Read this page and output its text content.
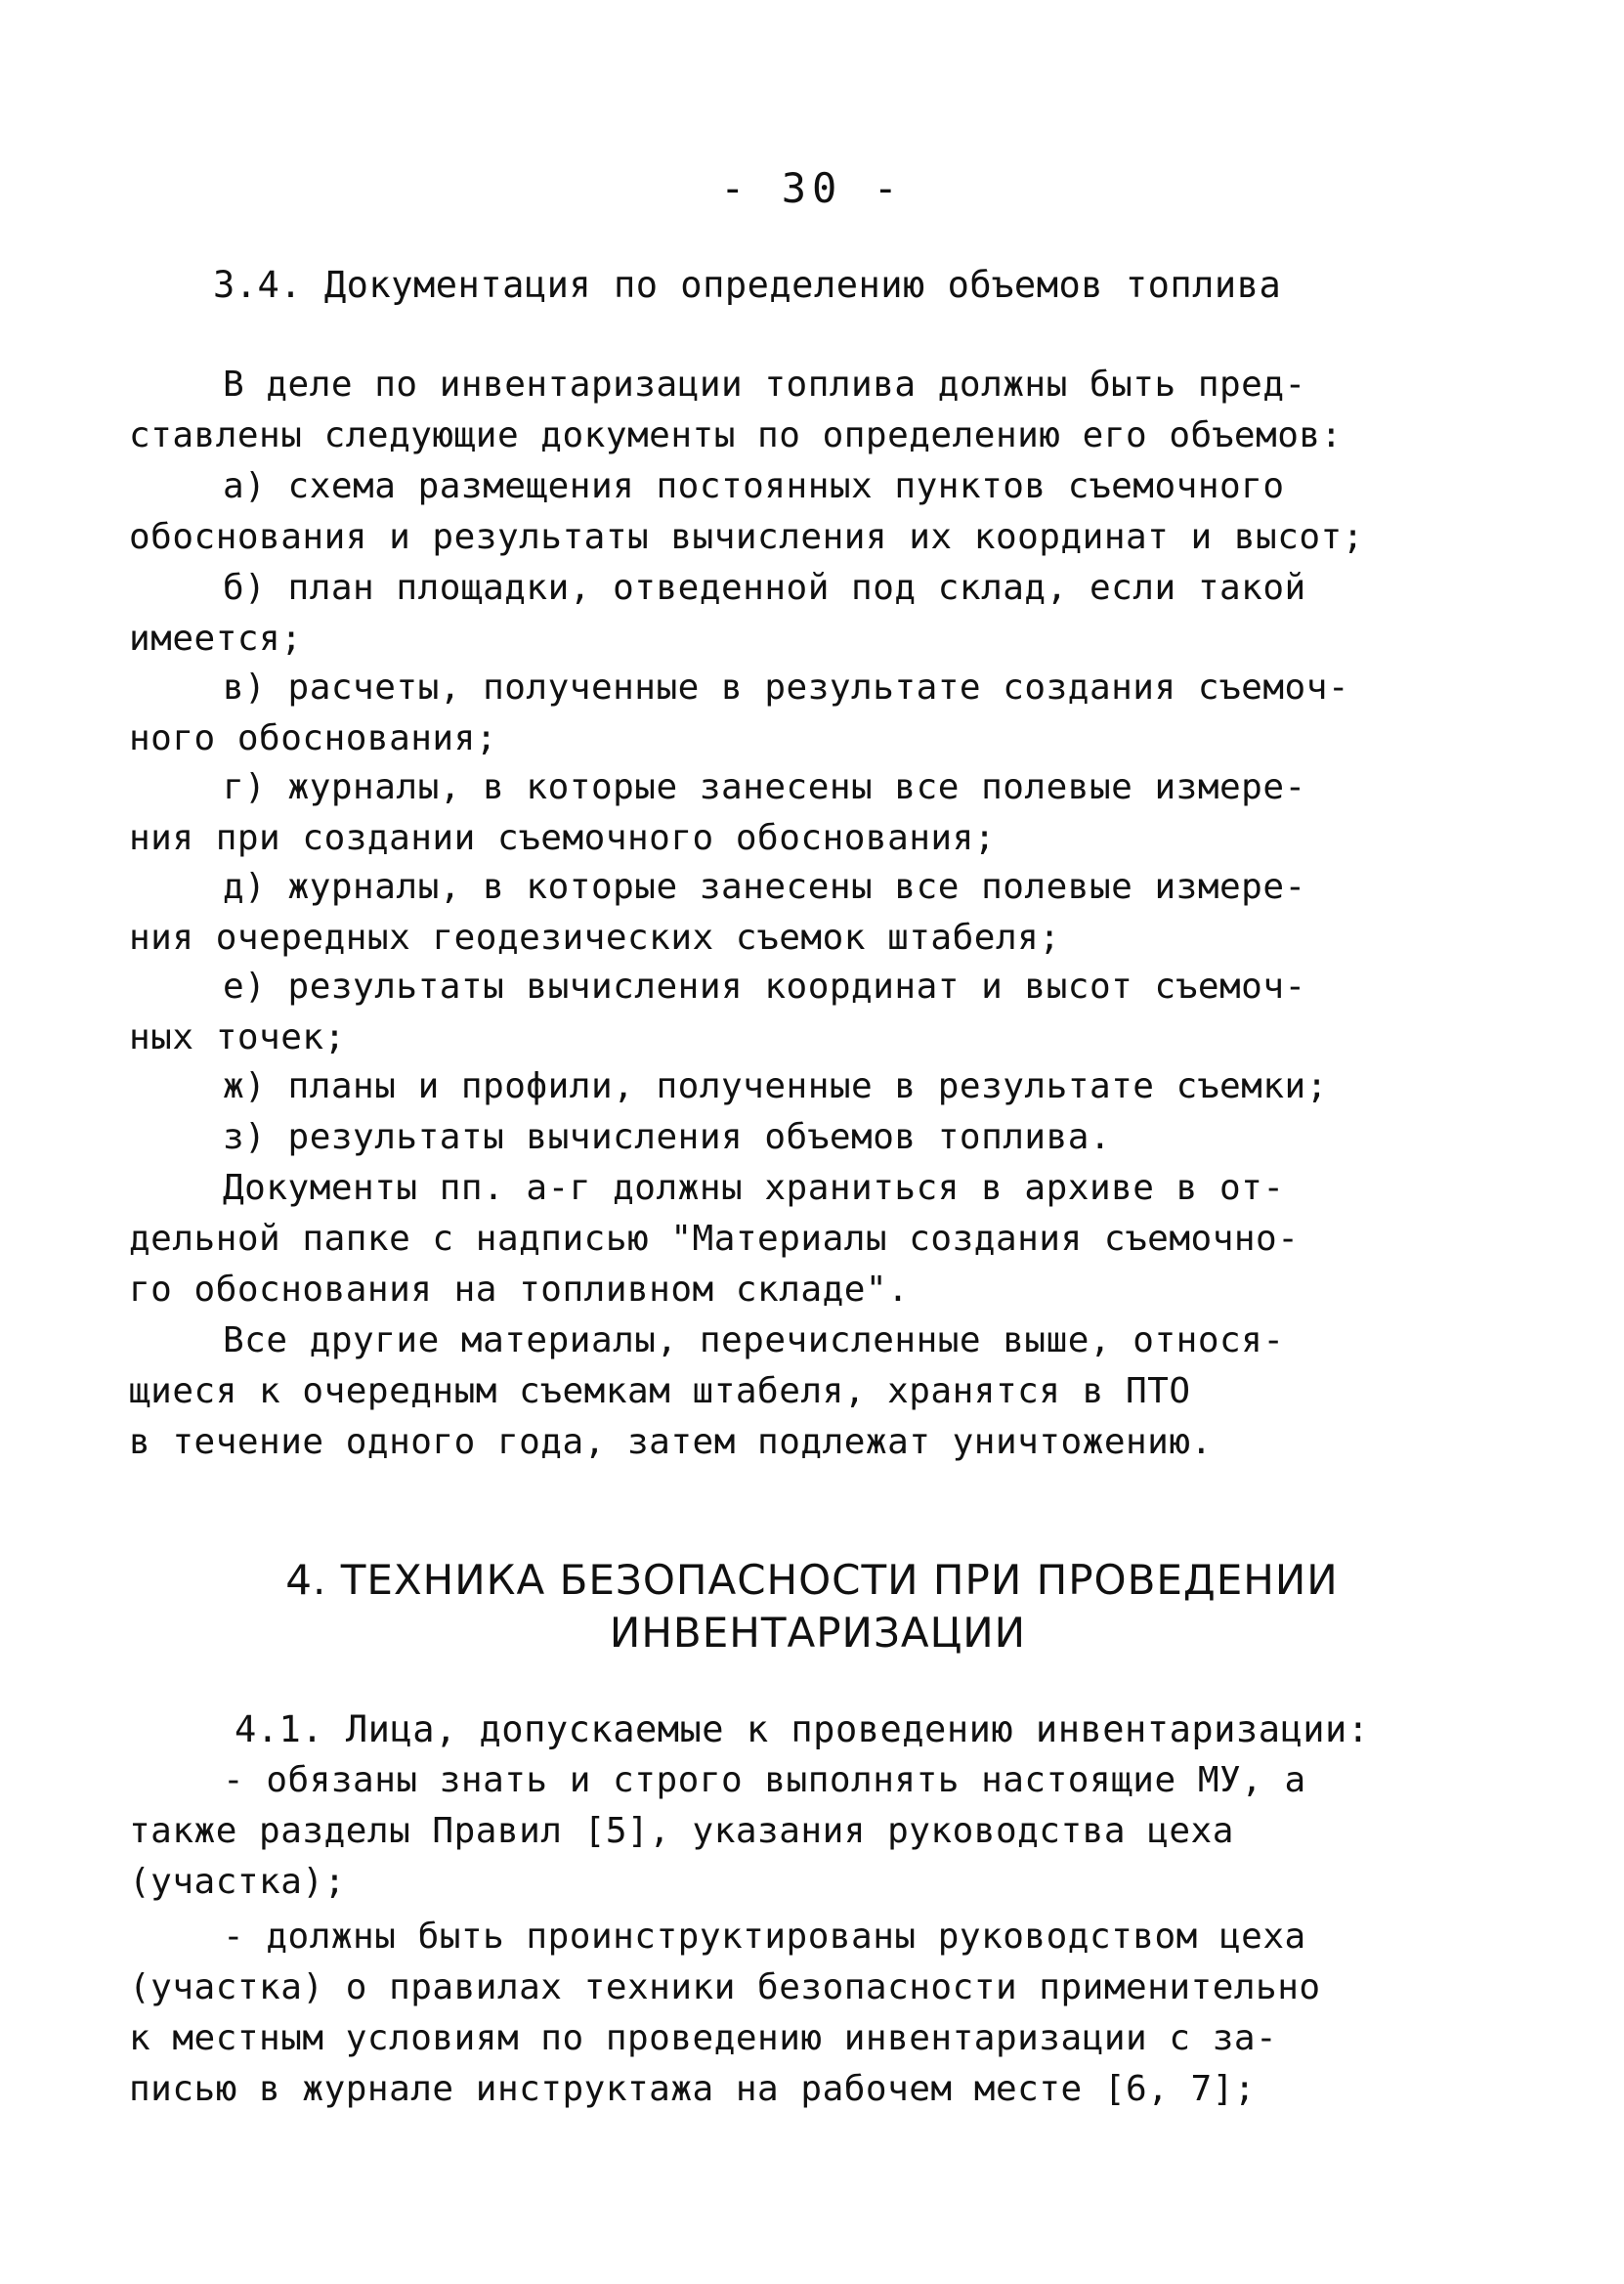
- 30 -
3.4. Документация по определению объемов топлива
В деле по инвентаризации топлива должны быть пред-
ставлены следующие документы по определению его объемов:
а) схема размещения постоянных пунктов съемочного
обоснования и результаты вычисления их координат и высот;
б) план площадки, отведенной под склад, если такой
имеется;
в) расчеты, полученные в результате создания съемоч-
ного обоснования;
г) журналы, в которые занесены все полевые измере-
ния при создании съемочного обоснования;
д) журналы, в которые занесены все полевые измере-
ния очередных геодезических съемок штабеля;
е) результаты вычисления координат и высот съемоч-
ных точек;
ж) планы и профили, полученные в результате съемки;
з) результаты вычисления объемов топлива.
Документы пп. а-г должны храниться в архиве в от-
дельной папке с надписью "Материалы создания съемочно-
го обоснования на топливном складе".
Все другие материалы, перечисленные выше, относя-
щиеся к очередным съемкам штабеля, хранятся в ПТО
в течение одного года, затем подлежат уничтожению.
4. ТЕХНИКА БЕЗОПАСНОСТИ ПРИ ПРОВЕДЕНИИ
ИНВЕНТАРИЗАЦИИ
4.1. Лица, допускаемые к проведению инвентаризации:
- обязаны знать и строго выполнять настоящие МУ, а
также разделы Правил [5], указания руководства цеха
(участка);
- должны быть проинструктированы руководством цеха
(участка) о правилах техники безопасности применительно
к местным условиям по проведению инвентаризации с за-
писью в журнале инструктажа на рабочем месте [6, 7];
